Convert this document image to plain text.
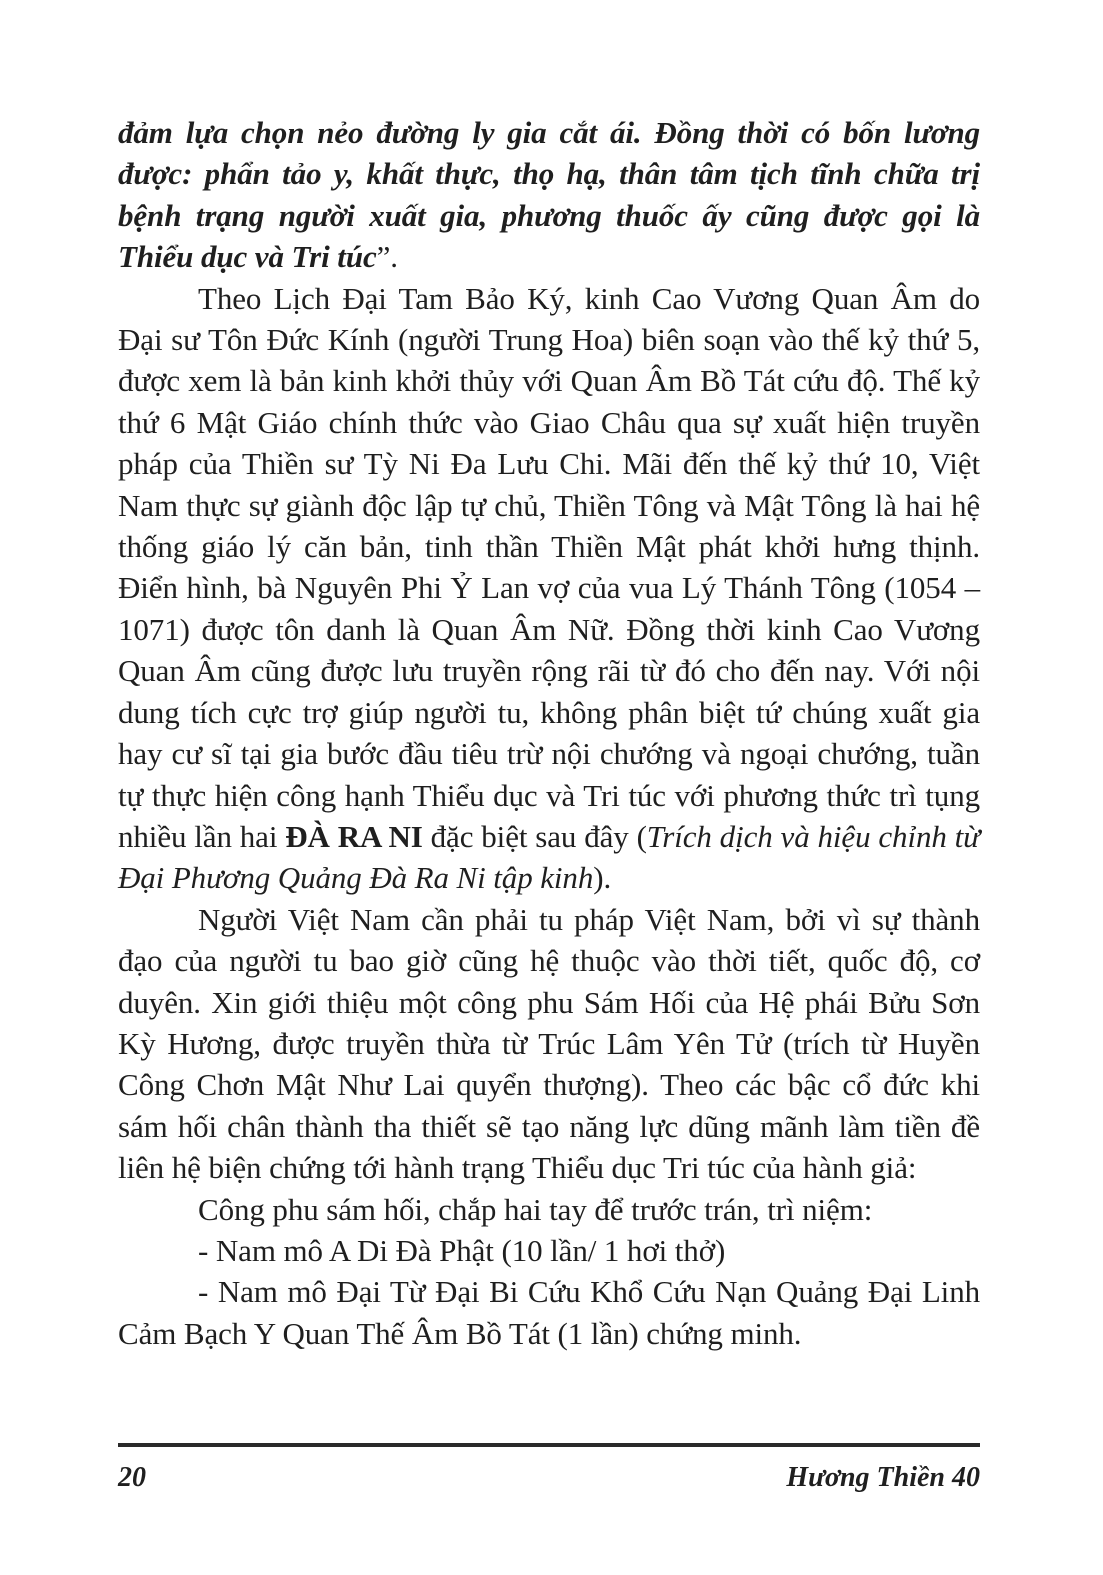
đảm lựa chọn nẻo đường ly gia cắt ái. Đồng thời có bốn lương được: phẩn tảo y, khất thực, thọ hạ, thân tâm tịch tĩnh chữa trị bệnh trạng người xuất gia, phương thuốc ấy cũng được gọi là Thiểu dục và Tri túc”.

Theo Lịch Đại Tam Bảo Ký, kinh Cao Vương Quan Âm do Đại sư Tôn Đức Kính (người Trung Hoa) biên soạn vào thế kỷ thứ 5, được xem là bản kinh khởi thủy với Quan Âm Bồ Tát cứu độ. Thế kỷ thứ 6 Mật Giáo chính thức vào Giao Châu qua sự xuất hiện truyền pháp của Thiền sư Tỳ Ni Đa Lưu Chi. Mãi đến thế kỷ thứ 10, Việt Nam thực sự giành độc lập tự chủ, Thiền Tông và Mật Tông là hai hệ thống giáo lý căn bản, tinh thần Thiền Mật phát khởi hưng thịnh. Điển hình, bà Nguyên Phi Ỷ Lan vợ của vua Lý Thánh Tông (1054 – 1071) được tôn danh là Quan Âm Nữ. Đồng thời kinh Cao Vương Quan Âm cũng được lưu truyền rộng rãi từ đó cho đến nay. Với nội dung tích cực trợ giúp người tu, không phân biệt tứ chúng xuất gia hay cư sĩ tại gia bước đầu tiêu trừ nội chướng và ngoại chướng, tuần tự thực hiện công hạnh Thiểu dục và Tri túc với phương thức trì tụng nhiều lần hai ĐÀ RA NI đặc biệt sau đây (Trích dịch và hiệu chỉnh từ Đại Phương Quảng Đà Ra Ni tập kinh).

Người Việt Nam cần phải tu pháp Việt Nam, bởi vì sự thành đạo của người tu bao giờ cũng hệ thuộc vào thời tiết, quốc độ, cơ duyên. Xin giới thiệu một công phu Sám Hối của Hệ phái Bửu Sơn Kỳ Hương, được truyền thừa từ Trúc Lâm Yên Tử (trích từ Huyền Công Chơn Mật Như Lai quyển thượng). Theo các bậc cổ đức khi sám hối chân thành tha thiết sẽ tạo năng lực dũng mãnh làm tiền đề liên hệ biện chứng tới hành trạng Thiểu dục Tri túc của hành giả:

Công phu sám hối, chắp hai tay để trước trán, trì niệm:

- Nam mô A Di Đà Phật (10 lần/ 1 hơi thở)

- Nam mô Đại Từ Đại Bi Cứu Khổ Cứu Nạn Quảng Đại Linh Cảm Bạch Y Quan Thế Âm Bồ Tát (1 lần) chứng minh.

20	Hương Thiền 40
